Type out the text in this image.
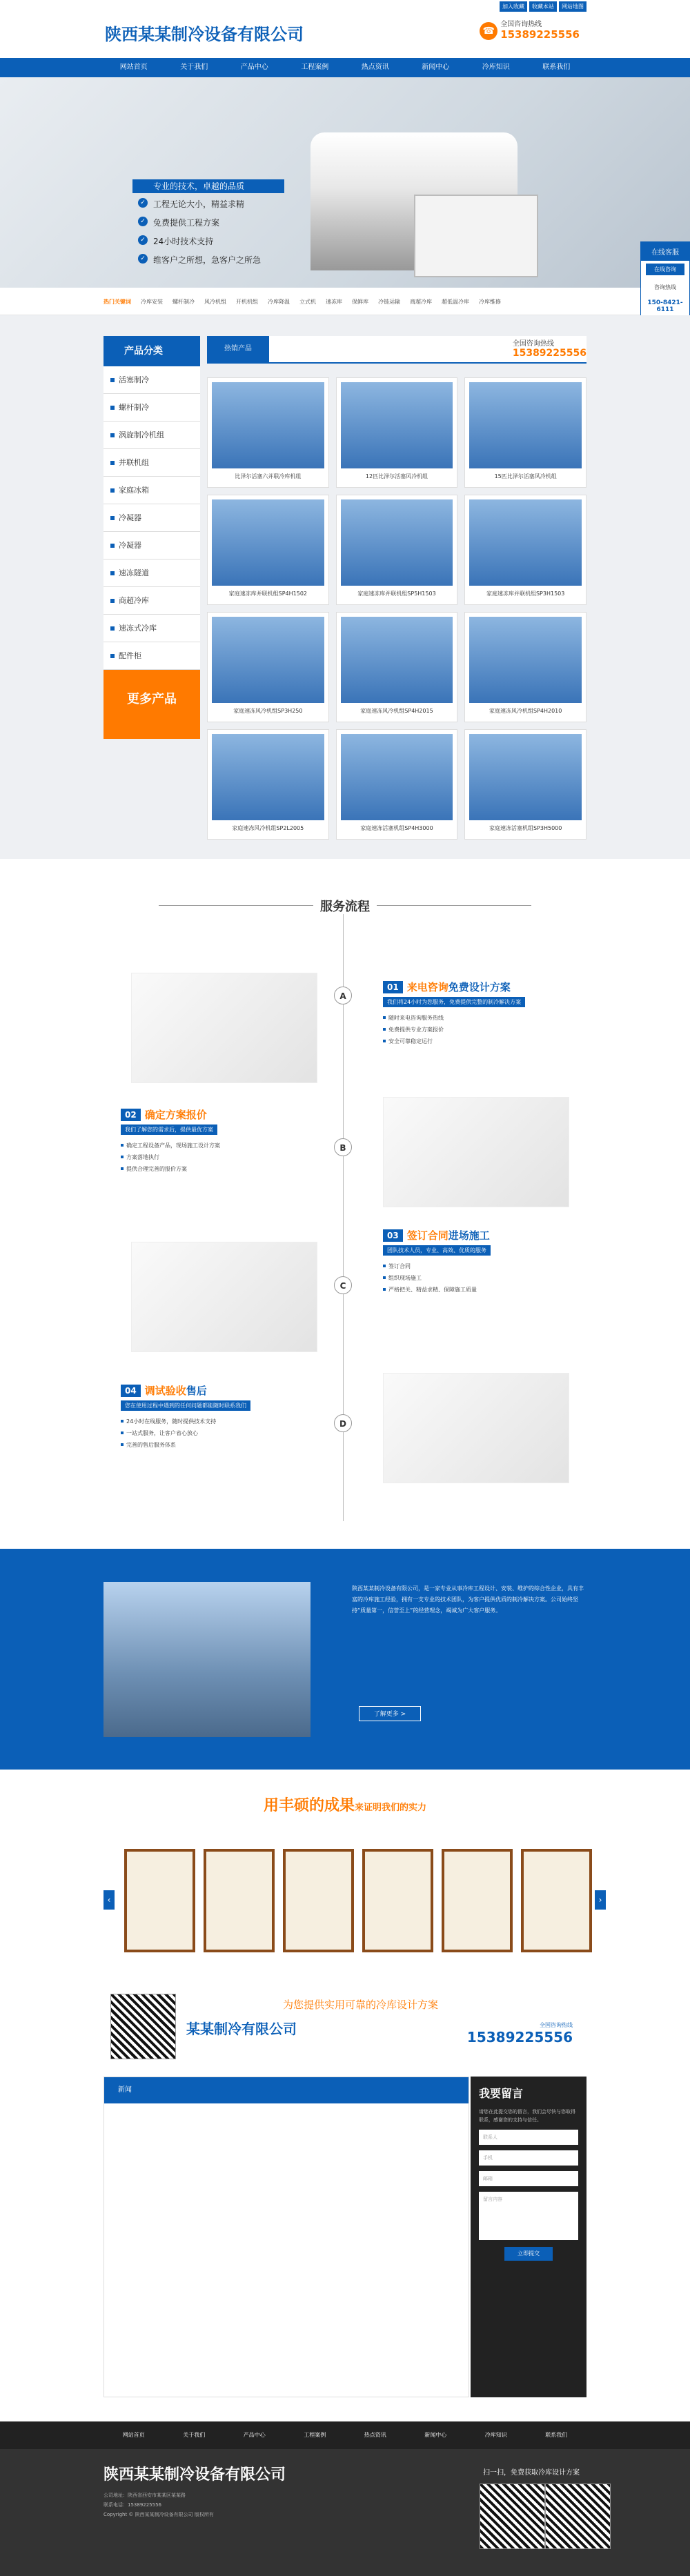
加入收藏	收藏本站	网站地图
陕西某某制冷设备有限公司	☎
全国咨询热线
15389225556
网站首页	关于我们	产品中心	工程案例	热点资讯	新闻中心	冷库知识	联系我们
专业的技术，卓越的品质
✓ 工程无论大小，精益求精
✓ 免费提供工程方案
✓ 24小时技术支持
✓ 维客户之所想，急客户之所急
在线客服
在线咨询
咨询热线
150-8421-6111
热门关键词 冷库安装 螺杆制冷 风冷机组 开机机组 冷库降温 立式机 速冻库 保鲜库 冷链运输 商超冷库 超低温冷库 冷库维修
产品分类
活塞制冷
螺杆制冷
涡旋制冷机组
并联机组
家庭冰箱
冷凝器
冷凝器
速冻隧道
商超冷库
速冻式冷库
配件柜
更多产品
热销产品
全国咨询热线
15389225556
比泽尔活塞六并联冷库机组	12匹比泽尔活塞风冷机组	15匹比泽尔活塞风冷机组
家庭速冻库并联机组SP4H1502	家庭速冻库并联机组SP5H1503	家庭速冻库并联机组SP3H1503
家庭速冻风冷机组SP3H250	家庭速冻风冷机组SP4H2015	家庭速冻风冷机组SP4H2010
家庭速冻风冷机组SP2L2005	家庭速冻活塞机组SP4H3000	家庭速冻活塞机组SP3H5000
服务流程
A
B
C
D
01 来电咨询 免费设计方案
我们将24小时为您服务，免费提供完整的制冷解决方案
随时来电咨询服务热线
免费提供专业方案报价
安全可靠稳定运行
02 确定方案报价
我们了解您的需求后，提供最优方案
确定工程设备产品，现场施工设计方案
方案落地执行
提供合理完善的报价方案
03 签订合同 进场施工
团队技术人员，专业、高效、优质的服务
签订合同
组织现场施工
严格把关、精益求精、保障施工质量
04 调试验收 售后
您在使用过程中遇到的任何问题都能随时联系我们
24小时在线服务，随时提供技术支持
一站式服务，让客户省心放心
完善的售后服务体系
陕西某某制冷设备有限公司，是一家专业从事冷库工程设计、安装、维护的综合性企业，具有丰富的冷库施工经验，拥有一支专业的技术团队，为客户提供优质的制冷解决方案。公司始终坚持“质量第一，信誉至上”的经营理念，竭诚为广大客户服务。
了解更多 >
用丰硕的成果来证明我们的实力
‹	›
某某制冷有限公司
为您提供实用可靠的冷库设计方案
全国咨询热线
15389225556
新闻	我要留言

请您在此提交您的留言，我们会尽快与您取得联系，感谢您的支持与信任。

联系人
手机
邮箱
留言内容
立即提交
网站首页	关于我们	产品中心	工程案例	热点资讯	新闻中心	冷库知识	联系我们
陕西某某制冷设备有限公司
公司地址：陕西省西安市某某区某某路
联系电话：15389225556
Copyright © 陕西某某制冷设备有限公司 版权所有
扫一扫，免费获取冷库设计方案
